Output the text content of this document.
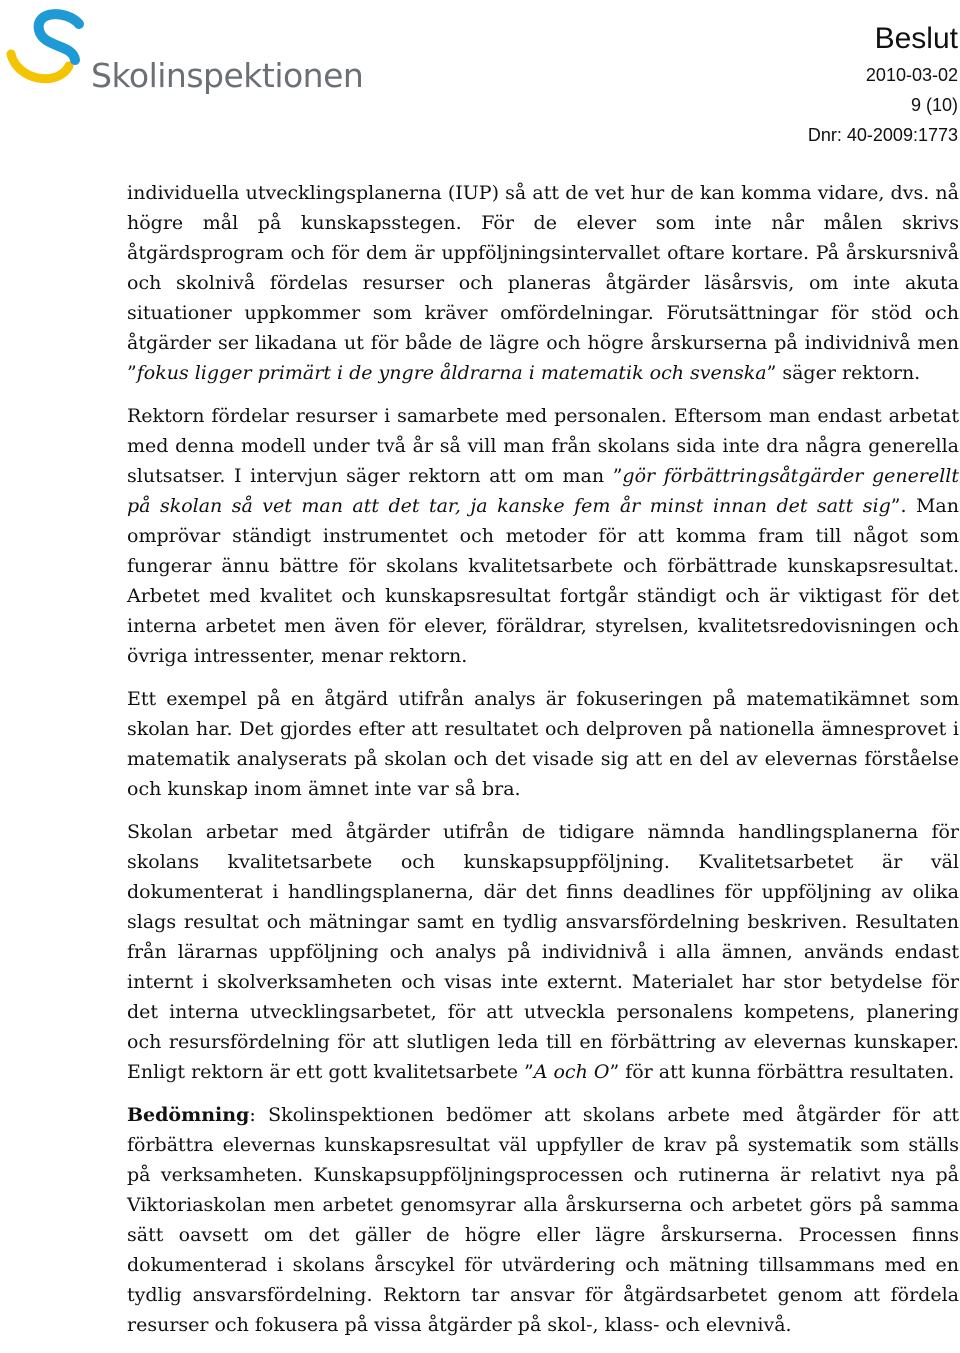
Skolinspektionen
Beslut
2010-03-02
9 (10)
Dnr: 40-2009:1773

individuella utvecklingsplanerna (IUP) så att de vet hur de kan komma vidare, dvs. nå högre mål på kunskapsstegen. För de elever som inte når målen skrivs åtgärdsprogram och för dem är uppföljningsintervallet oftare kortare. På årskursnivå och skolnivå fördelas resurser och planeras åtgärder läsårsvis, om inte akuta situationer uppkommer som kräver omfördelningar. Förutsättningar för stöd och åtgärder ser likadana ut för både de lägre och högre årskurserna på individnivå men ”fokus ligger primärt i de yngre åldrarna i matematik och svenska” säger rektorn.

Rektorn fördelar resurser i samarbete med personalen. Eftersom man endast arbetat med denna modell under två år så vill man från skolans sida inte dra några generella slutsatser. I intervjun säger rektorn att om man ”gör förbättringsåtgärder generellt på skolan så vet man att det tar, ja kanske fem år minst innan det satt sig”. Man omprövar ständigt instrumentet och metoder för att komma fram till något som fungerar ännu bättre för skolans kvalitetsarbete och förbättrade kunskapsresultat. Arbetet med kvalitet och kunskapsresultat fortgår ständigt och är viktigast för det interna arbetet men även för elever, föräldrar, styrelsen, kvalitetsredovisningen och övriga intressenter, menar rektorn.

Ett exempel på en åtgärd utifrån analys är fokuseringen på matematikämnet som skolan har. Det gjordes efter att resultatet och delproven på nationella ämnesprovet i matematik analyserats på skolan och det visade sig att en del av elevernas förståelse och kunskap inom ämnet inte var så bra.

Skolan arbetar med åtgärder utifrån de tidigare nämnda handlingsplanerna för skolans kvalitetsarbete och kunskapsuppföljning. Kvalitetsarbetet är väl dokumenterat i handlingsplanerna, där det finns deadlines för uppföljning av olika slags resultat och mätningar samt en tydlig ansvarsfördelning beskriven. Resultaten från lärarnas uppföljning och analys på individnivå i alla ämnen, används endast internt i skolverksamheten och visas inte externt. Materialet har stor betydelse för det interna utvecklingsarbetet, för att utveckla personalens kompetens, planering och resursfördelning för att slutligen leda till en förbättring av elevernas kunskaper. Enligt rektorn är ett gott kvalitetsarbete ”A och O” för att kunna förbättra resultaten.

Bedömning: Skolinspektionen bedömer att skolans arbete med åtgärder för att förbättra elevernas kunskapsresultat väl uppfyller de krav på systematik som ställs på verksamheten. Kunskapsuppföljningsprocessen och rutinerna är relativt nya på Viktoriaskolan men arbetet genomsyrar alla årskurserna och arbetet görs på samma sätt oavsett om det gäller de högre eller lägre årskurserna. Processen finns dokumenterad i skolans årscykel för utvärdering och mätning tillsammans med en tydlig ansvarsfördelning. Rektorn tar ansvar för åtgärdsarbetet genom att fördela resurser och fokusera på vissa åtgärder på skol-, klass- och elevnivå.
